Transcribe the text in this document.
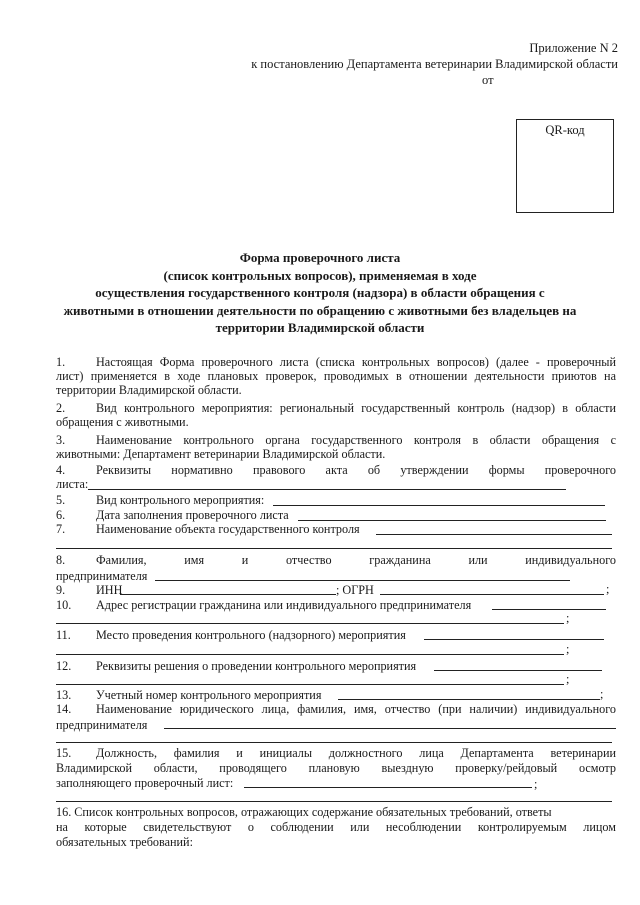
Приложение N 2
к постановлению Департамента ветеринарии Владимирской области
от
QR-код
Форма проверочного листа
(список контрольных вопросов), применяемая в ходе
осуществления государственного контроля (надзора) в области обращения с
животными в отношении деятельности по обращению с животными без владельцев на
территории Владимирской области
1.	Настоящая Форма проверочного листа (списка контрольных вопросов) (далее - проверочный
лист) применяется в ходе плановых проверок, проводимых в отношении деятельности приютов на
территории Владимирской области.
2.	Вид контрольного мероприятия: региональный государственный контроль (надзор) в области
обращения с животными.
3.	Наименование контрольного органа государственного контроля в области обращения с
животными: Департамент ветеринарии Владимирской области.
4.	Реквизиты нормативно правового акта об утверждении формы проверочного
листа:
5.	Вид контрольного мероприятия:
6.	Дата заполнения проверочного листа
7.	Наименование объекта государственного контроля
8.	Фамилия, имя и отчество гражданина или индивидуального
предпринимателя
9.	ИНН	; ОГРН	;
10. Адрес регистрации гражданина или индивидуального предпринимателя
;
11. Место проведения контрольного (надзорного) мероприятия
;
12. Реквизиты решения о проведении контрольного мероприятия
;
13. Учетный номер контрольного мероприятия	;
14. Наименование юридического лица, фамилия, имя, отчество (при наличии) индивидуального
предпринимателя
15. Должность, фамилия и инициалы должностного лица Департамента ветеринарии
Владимирской области, проводящего плановую выездную проверку/рейдовый осмотр
заполняющего проверочный лист:	;
16. Список контрольных вопросов, отражающих содержание обязательных требований, ответы
на которые свидетельствуют о соблюдении или несоблюдении контролируемым лицом
обязательных требований:
